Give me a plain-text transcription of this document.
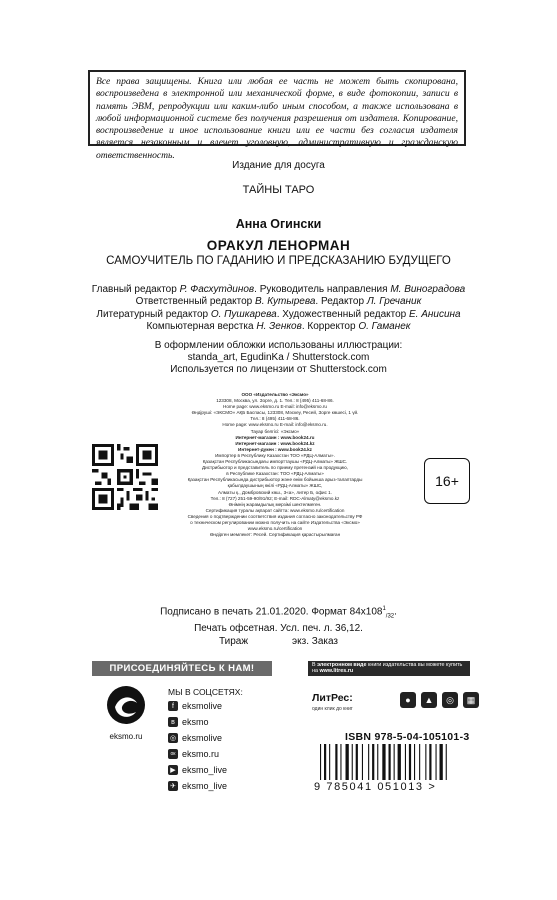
Все права защищены. Книга или любая ее часть не может быть скопирована, воспроизведена в электронной или механической форме, в виде фотокопии, записи в память ЭВМ, репродукции или каким-либо иным способом, а также использована в любой информационной системе без получения разрешения от издателя. Копирование, воспроизведение и иное использование книги или ее части без согласия издателя является незаконным и влечет уголовную, административную и гражданскую ответственность.
Издание для досуга
ТАЙНЫ ТАРО
Анна Огински
ОРАКУЛ ЛЕНОРМАН
САМОУЧИТЕЛЬ ПО ГАДАНИЮ И ПРЕДСКАЗАНИЮ БУДУЩЕГО
Главный редактор Р. Фасхутдинов. Руководитель направления М. Виноградова
Ответственный редактор В. Кутырева. Редактор Л. Гречаник
Литературный редактор О. Пушкарева. Художественный редактор Е. Анисина
Компьютерная верстка Н. Зенков. Корректор О. Гаманек
В оформлении обложки использованы иллюстрации:
standa_art, EgudinKa / Shutterstock.com
Используется по лицензии от Shutterstock.com
ООО «Издательство «Эксмо»
123308, Москва, ул. Зорге, д. 1. Тел.: 8 (495) 411-68-86.
Home page: www.eksmo.ru E-mail: info@eksmo.ru
Өндіруші: «ЭКСМО» АҚБ Баспасы, 123308, Мәскеу, Ресей, Зорге көшесі, 1 үй.
Тел.: 8 (495) 411-68-86.
Home page: www.eksmo.ru E-mail: info@eksmo.ru.
Тауар белгісі: «Эксмо»
Интернет-магазин : www.book24.ru
Интернет-магазин : www.book24.kz
Интернет-дүкен : www.book24.kz
Импортер в Республику Казахстан ТОО «РДЦ-Алматы».
Қазақстан Республикасындағы импорттаушы «РДЦ-Алматы» ЖШС.
Дистрибьютор и представитель по приему претензий на продукцию,
в Республике Казахстан: ТОО «РДЦ-Алматы»
Қазақстан Республикасында дистрибьютор және өнім бойынша арыз-талаптарды
қабылдаушының өкілі «РДЦ-Алматы» ЖШС,
Алматы қ., Домбровский көш., 3«а», литер Б, офис 1.
Тел.: 8 (727) 251-59-90/91/92; E-mail: RDC-Almaty@eksmo.kz
Өнімнің жарамдылық мерзімі шектелмеген.
Сертификация туралы ақпарат сайтта: www.eksmo.ru/certification
Сведения о подтверждении соответствия издания согласно законодательству РФ
о техническом регулировании можно получить на сайте Издательства «Эксмо»
www.eksmo.ru/certification
Өндірген мемлекет: Ресей. Сертификация қарастырылмаған
16+
Подписано в печать 21.01.2020. Формат $84x108^1_{/32}$.
Печать офсетная. Усл. печ. л. 36,12.
Тираж	экз. Заказ
ПРИСОЕДИНЯЙТЕСЬ К НАМ!	В электронном виде книги издательства вы можете купить на www.litres.ru
eksmo.ru
МЫ В СОЦСЕТЯХ:
f eksmolive
в eksmo
◎ eksmolive
ок eksmo.ru
▶ eksmo_live
✈ eksmo_live
ЛитРес:
один клик до книг
●	▲	◎	▦
ISBN 978-5-04-105101-3
9 785041 051013 >
